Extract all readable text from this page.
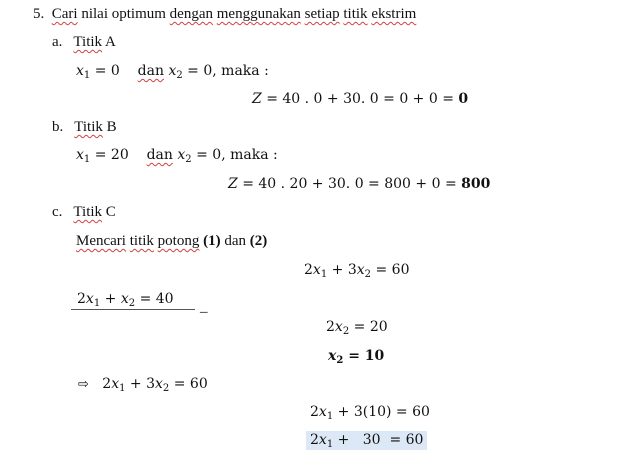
5. Cari nilai optimum dengan menggunakan setiap titik ekstrim
a. Titik A
$x_1 = 0$ dan $x_2 = 0$, maka :
Z = 40 . 0 + 30. 0 = 0 + 0 = 0
b. Titik B
$x_1 = 20$ dan $x_2 = 0$, maka :
Z = 40 . 20 + 30. 0 = 800 + 0 = 800
c. Titik C
Mencari titik potong (1) dan (2)
$2x_1 + 3x_2 = 60$
$2x_1 + x_2 = 40$ _
$2x_2 = 20$
$x_2 = 10$
⇨ $2x_1 + 3x_2 = 60$
$2x_1 + 3(10) = 60$
$2x_1 + 30 = 60$
